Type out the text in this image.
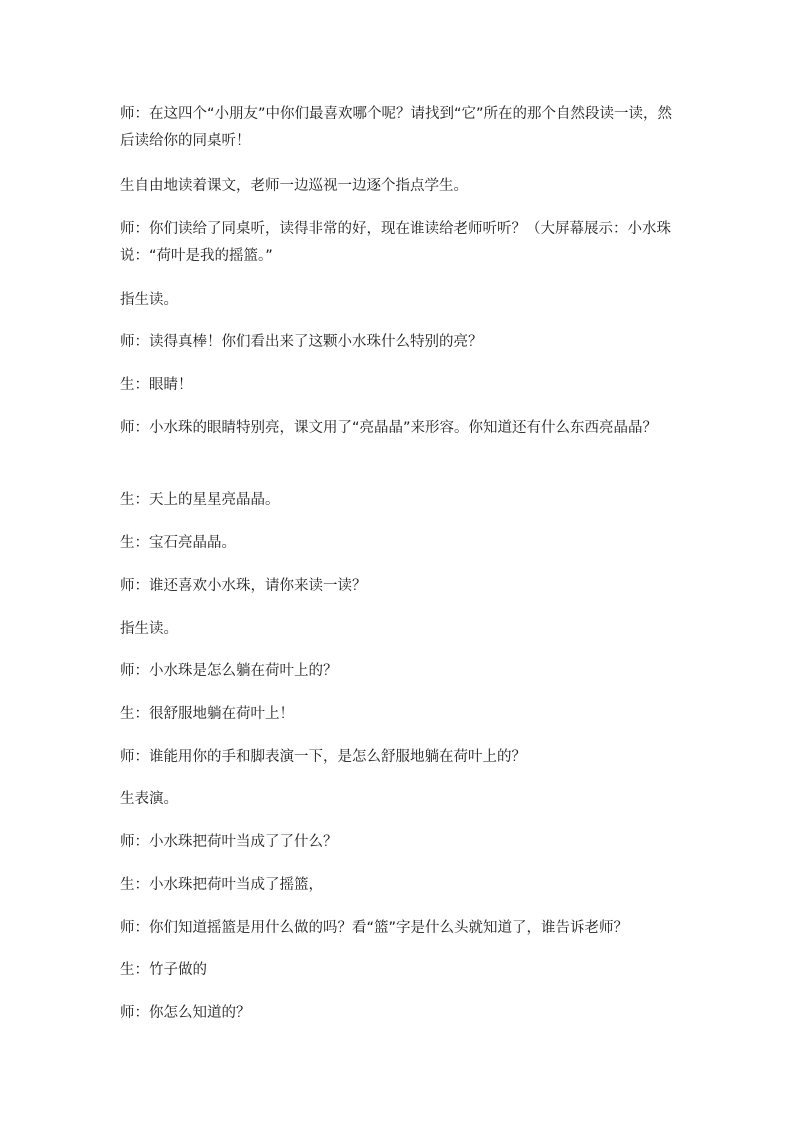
师：在这四个“小朋友”中你们最喜欢哪个呢？请找到“它”所在的那个自然段读一读，然后读给你的同桌听！

生自由地读着课文，老师一边巡视一边逐个指点学生。

师：你们读给了同桌听，读得非常的好，现在谁读给老师听听？（大屏幕展示：小水珠说：“荷叶是我的摇篮。”

指生读。

师：读得真棒！你们看出来了这颗小水珠什么特别的亮？

生：眼睛！

师：小水珠的眼睛特别亮，课文用了“亮晶晶”来形容。你知道还有什么东西亮晶晶？

生：天上的星星亮晶晶。

生：宝石亮晶晶。

师：谁还喜欢小水珠，请你来读一读？

指生读。

师：小水珠是怎么躺在荷叶上的？

生：很舒服地躺在荷叶上！

师：谁能用你的手和脚表演一下，是怎么舒服地躺在荷叶上的？

生表演。

师：小水珠把荷叶当成了了什么？

生：小水珠把荷叶当成了摇篮，

师：你们知道摇篮是用什么做的吗？看“篮”字是什么头就知道了，谁告诉老师？

生：竹子做的

师：你怎么知道的？
